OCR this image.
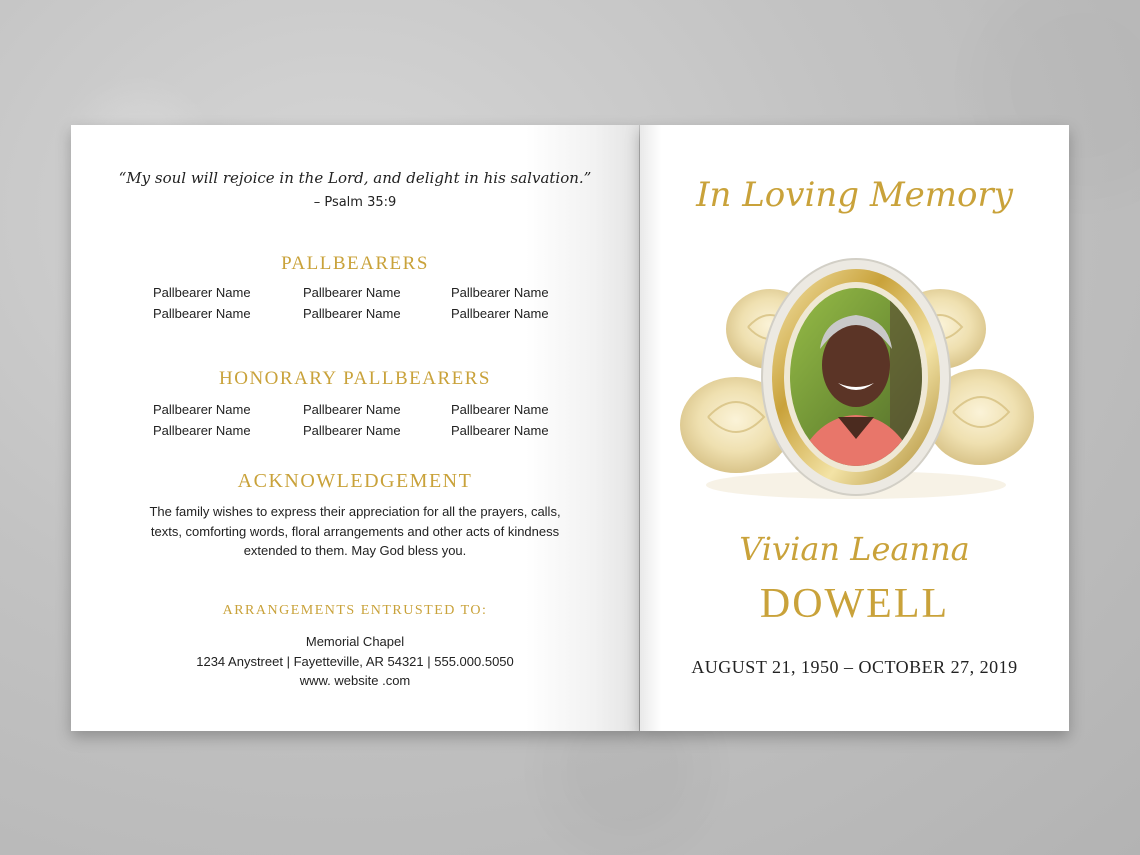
“My soul will rejoice in the Lord, and delight in his salvation.”
– Psalm 35:9
PALLBEARERS
Pallbearer Name	Pallbearer Name	Pallbearer Name
Pallbearer Name	Pallbearer Name	Pallbearer Name
HONORARY PALLBEARERS
Pallbearer Name	Pallbearer Name	Pallbearer Name
Pallbearer Name	Pallbearer Name	Pallbearer Name
ACKNOWLEDGEMENT
The family wishes to express their appreciation for all the prayers, calls, texts, comforting words, floral arrangements and other acts of kindness extended to them. May God bless you.
ARRANGEMENTS ENTRUSTED TO:
Memorial Chapel
1234 Anystreet | Fayetteville, AR 54321 | 555.000.5050
www. website .com
In Loving Memory
Vivian Leanna
DOWELL
AUGUST 21, 1950 – OCTOBER 27, 2019
